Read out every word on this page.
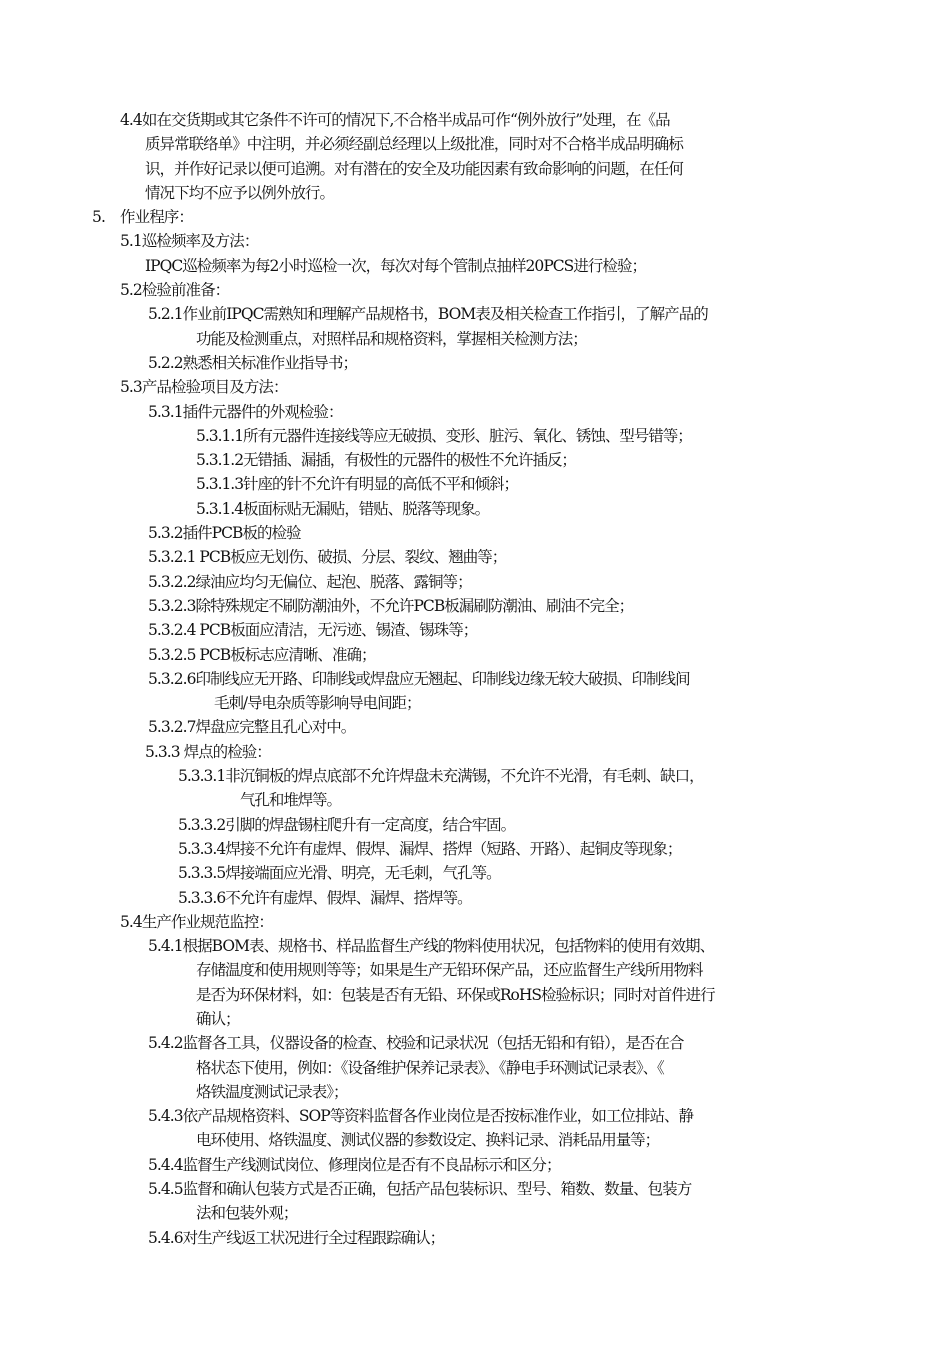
4.4如在交货期或其它条件不许可的情况下,不合格半成品可作“例外放行”处理，在《品
质异常联络单》中注明，并必须经副总经理以上级批准，同时对不合格半成品明确标
识，并作好记录以便可追溯。对有潜在的安全及功能因素有致命影响的问题，在任何
情况下均不应予以例外放行。
5. 作业程序：
5.1巡检频率及方法：
IPQC巡检频率为每2小时巡检一次，每次对每个管制点抽样20PCS进行检验；
5.2检验前准备：
5.2.1作业前IPQC需熟知和理解产品规格书，BOM表及相关检查工作指引，了解产品的
功能及检测重点，对照样品和规格资料，掌握相关检测方法；
5.2.2熟悉相关标准作业指导书；
5.3产品检验项目及方法：
5.3.1插件元器件的外观检验：
5.3.1.1所有元器件连接线等应无破损、变形、脏污、氧化、锈蚀、型号错等；
5.3.1.2无错插、漏插，有极性的元器件的极性不允许插反；
5.3.1.3针座的针不允许有明显的高低不平和倾斜；
5.3.1.4板面标贴无漏贴，错贴、脱落等现象。
5.3.2插件PCB板的检验
5.3.2.1 PCB板应无划伤、破损、分层、裂纹、翘曲等；
5.3.2.2绿油应均匀无偏位、起泡、脱落、露铜等；
5.3.2.3除特殊规定不刷防潮油外，不允许PCB板漏刷防潮油、刷油不完全；
5.3.2.4 PCB板面应清洁，无污迹、锡渣、锡珠等；
5.3.2.5 PCB板标志应清晰、准确；
5.3.2.6印制线应无开路、印制线或焊盘应无翘起、印制线边缘无较大破损、印制线间
毛刺/导电杂质等影响导电间距；
5.3.2.7焊盘应完整且孔心对中。
5.3.3 焊点的检验：
5.3.3.1非沉铜板的焊点底部不允许焊盘未充满锡，不允许不光滑，有毛刺、缺口，
气孔和堆焊等。
5.3.3.2引脚的焊盘锡柱爬升有一定高度，结合牢固。
5.3.3.4焊接不允许有虚焊、假焊、漏焊、搭焊（短路、开路）、起铜皮等现象；
5.3.3.5焊接端面应光滑、明亮，无毛刺，气孔等。
5.3.3.6不允许有虚焊、假焊、漏焊、搭焊等。
5.4生产作业规范监控：
5.4.1根据BOM表、规格书、样品监督生产线的物料使用状况，包括物料的使用有效期、
存储温度和使用规则等等；如果是生产无铅环保产品，还应监督生产线所用物料
是否为环保材料，如：包装是否有无铅、环保或RoHS检验标识；同时对首件进行
确认；
5.4.2监督各工具，仪器设备的检查、校验和记录状况（包括无铅和有铅），是否在合
格状态下使用，例如：《设备维护保养记录表》、《静电手环测试记录表》、《
烙铁温度测试记录表》；
5.4.3依产品规格资料、SOP等资料监督各作业岗位是否按标准作业，如工位排站、静
电环使用、烙铁温度、测试仪器的参数设定、换料记录、消耗品用量等；
5.4.4监督生产线测试岗位、修理岗位是否有不良品标示和区分；
5.4.5监督和确认包装方式是否正确，包括产品包装标识、型号、箱数、数量、包装方
法和包装外观；
5.4.6对生产线返工状况进行全过程跟踪确认；
